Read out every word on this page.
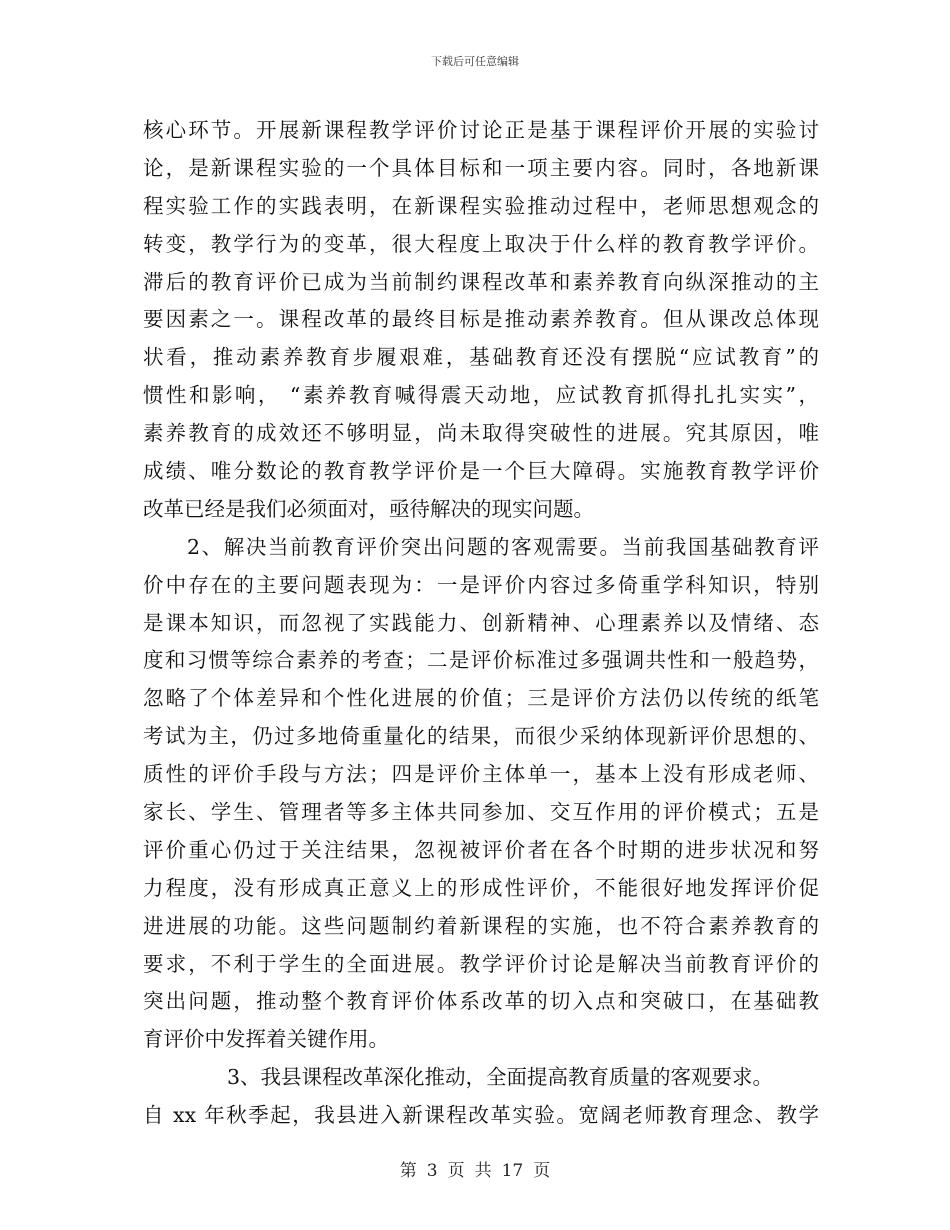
下载后可任意编辑
核心环节。开展新课程教学评价讨论正是基于课程评价开展的实验讨
论，是新课程实验的一个具体目标和一项主要内容。同时，各地新课
程实验工作的实践表明，在新课程实验推动过程中，老师思想观念的
转变，教学行为的变革，很大程度上取决于什么样的教育教学评价。
滞后的教育评价已成为当前制约课程改革和素养教育向纵深推动的主
要因素之一。课程改革的最终目标是推动素养教育。但从课改总体现
状看，推动素养教育步履艰难，基础教育还没有摆脱“应试教育”的
惯性和影响， “素养教育喊得震天动地，应试教育抓得扎扎实实”，
素养教育的成效还不够明显，尚未取得突破性的进展。究其原因，唯
成绩、唯分数论的教育教学评价是一个巨大障碍。实施教育教学评价
改革已经是我们必须面对，亟待解决的现实问题。
2、解决当前教育评价突出问题的客观需要。当前我国基础教育评
价中存在的主要问题表现为：一是评价内容过多倚重学科知识，特别
是课本知识，而忽视了实践能力、创新精神、心理素养以及情绪、态
度和习惯等综合素养的考查；二是评价标准过多强调共性和一般趋势，
忽略了个体差异和个性化进展的价值；三是评价方法仍以传统的纸笔
考试为主，仍过多地倚重量化的结果，而很少采纳体现新评价思想的、
质性的评价手段与方法；四是评价主体单一，基本上没有形成老师、
家长、学生、管理者等多主体共同参加、交互作用的评价模式；五是
评价重心仍过于关注结果，忽视被评价者在各个时期的进步状况和努
力程度，没有形成真正意义上的形成性评价，不能很好地发挥评价促
进进展的功能。这些问题制约着新课程的实施，也不符合素养教育的
要求，不利于学生的全面进展。教学评价讨论是解决当前教育评价的
突出问题，推动整个教育评价体系改革的切入点和突破口，在基础教
育评价中发挥着关键作用。
3、我县课程改革深化推动，全面提高教育质量的客观要求。
自 xx 年秋季起，我县进入新课程改革实验。宽阔老师教育理念、教学
第 3 页 共 17 页
